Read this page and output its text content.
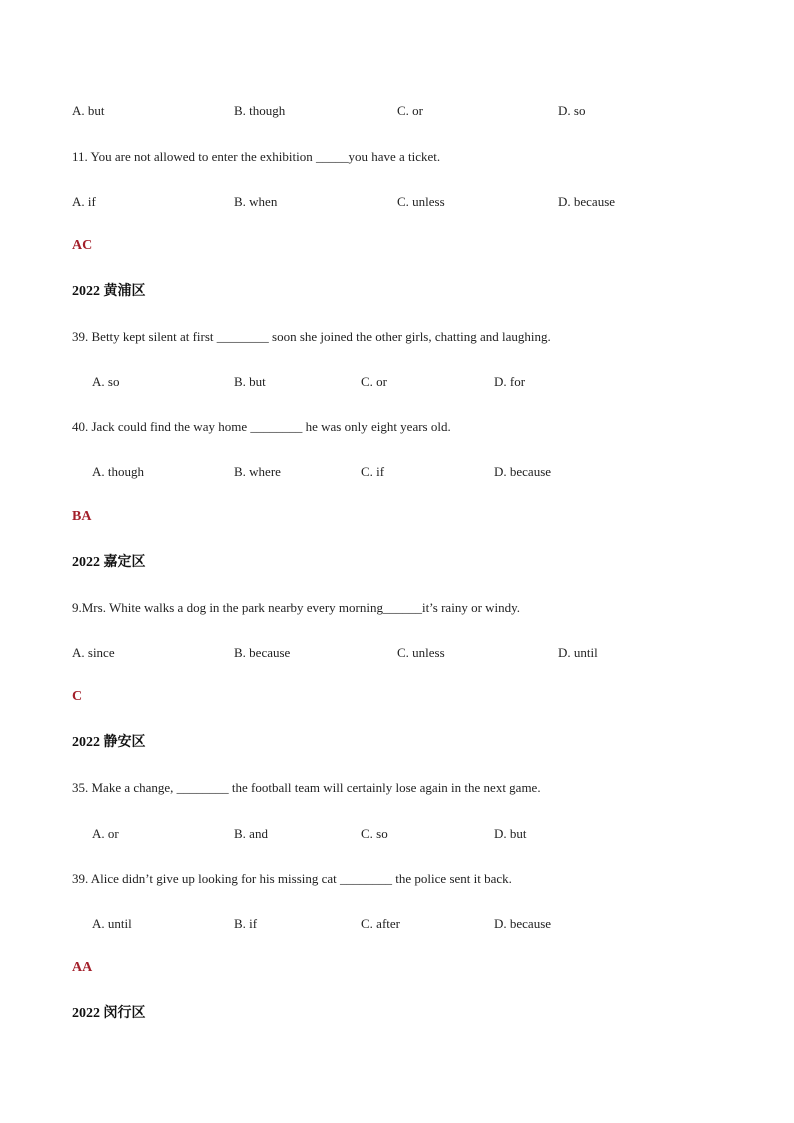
A. but	B. though	C. or	D. so
11. You are not allowed to enter the exhibition _____you have a ticket.
A. if	B. when	C. unless	D. because
AC
2022 黄浦区
39. Betty kept silent at first ________ soon she joined the other girls, chatting and laughing.
A. so	B. but	C. or	D. for
40. Jack could find the way home ________ he was only eight years old.
A. though	B. where	C. if	D. because
BA
2022 嘉定区
9.Mrs. White walks a dog in the park nearby every morning______it’s rainy or windy.
A. since	B. because	C. unless	D. until
C
2022 静安区
35. Make a change, ________ the football team will certainly lose again in the next game.
A. or	B. and	C. so	D. but
39. Alice didn’t give up looking for his missing cat ________ the police sent it back.
A. until	B. if	C. after	D. because
AA
2022 闵行区
